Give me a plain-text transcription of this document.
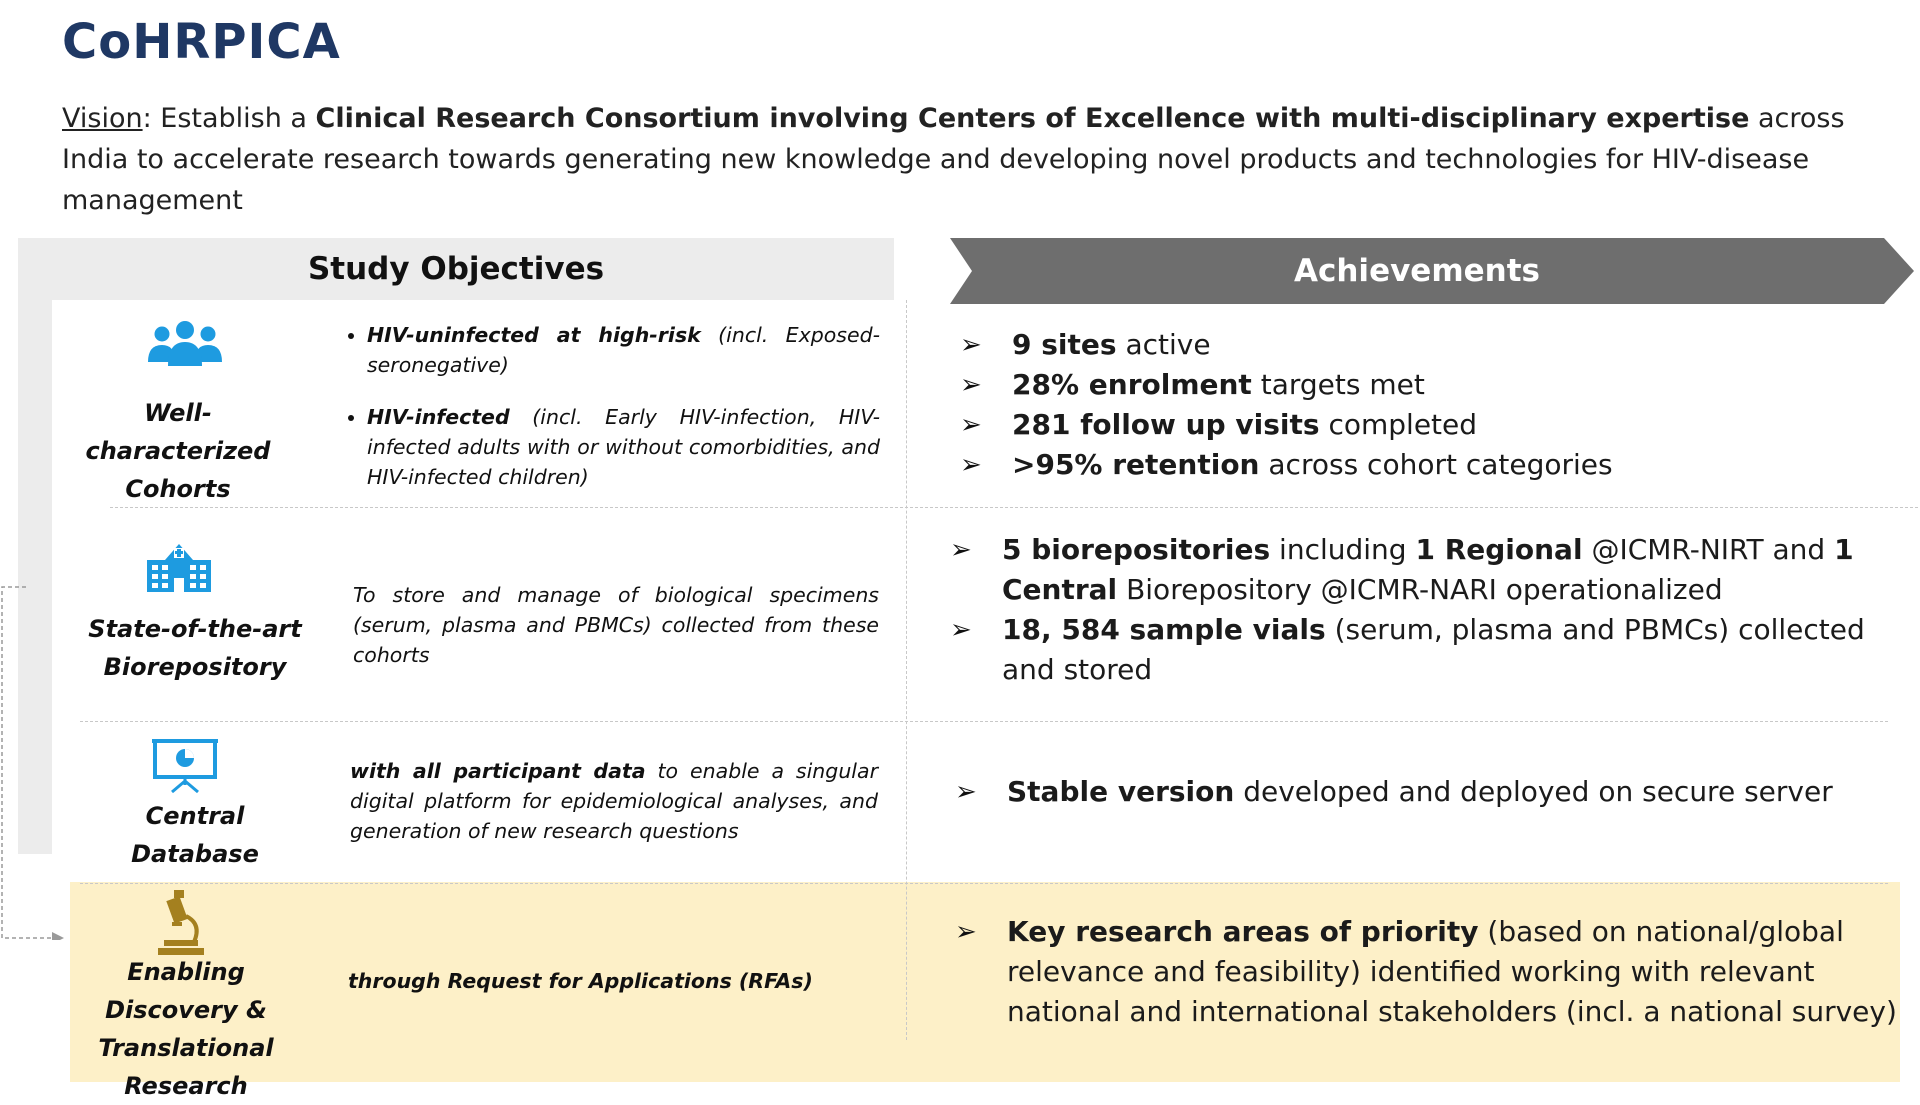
CoHRPICA
Vision: Establish a Clinical Research Consortium involving Centers of Excellence with multi-disciplinary expertise across India to accelerate research towards generating new knowledge and developing novel products and technologies for HIV-disease management
Study Objectives	Achievements
Well-characterized Cohorts
• HIV-uninfected at high-risk (incl. Exposed-seronegative)
• HIV-infected (incl. Early HIV-infection, HIV-infected adults with or without comorbidities, and HIV-infected children)
➢ 9 sites active
➢ 28% enrolment targets met
➢ 281 follow up visits completed
➢ >95% retention across cohort categories
State-of-the-art Biorepository
To store and manage of biological specimens (serum, plasma and PBMCs) collected from these cohorts
➢ 5 biorepositories including 1 Regional @ICMR-NIRT and 1 Central Biorepository @ICMR-NARI operationalized
➢ 18, 584 sample vials (serum, plasma and PBMCs) collected and stored
Central Database
with all participant data to enable a singular digital platform for epidemiological analyses, and generation of new research questions
➢ Stable version developed and deployed on secure server
Enabling Discovery & Translational Research
through Request for Applications (RFAs)
➢ Key research areas of priority (based on national/global relevance and feasibility) identified working with relevant national and international stakeholders (incl. a national survey)
